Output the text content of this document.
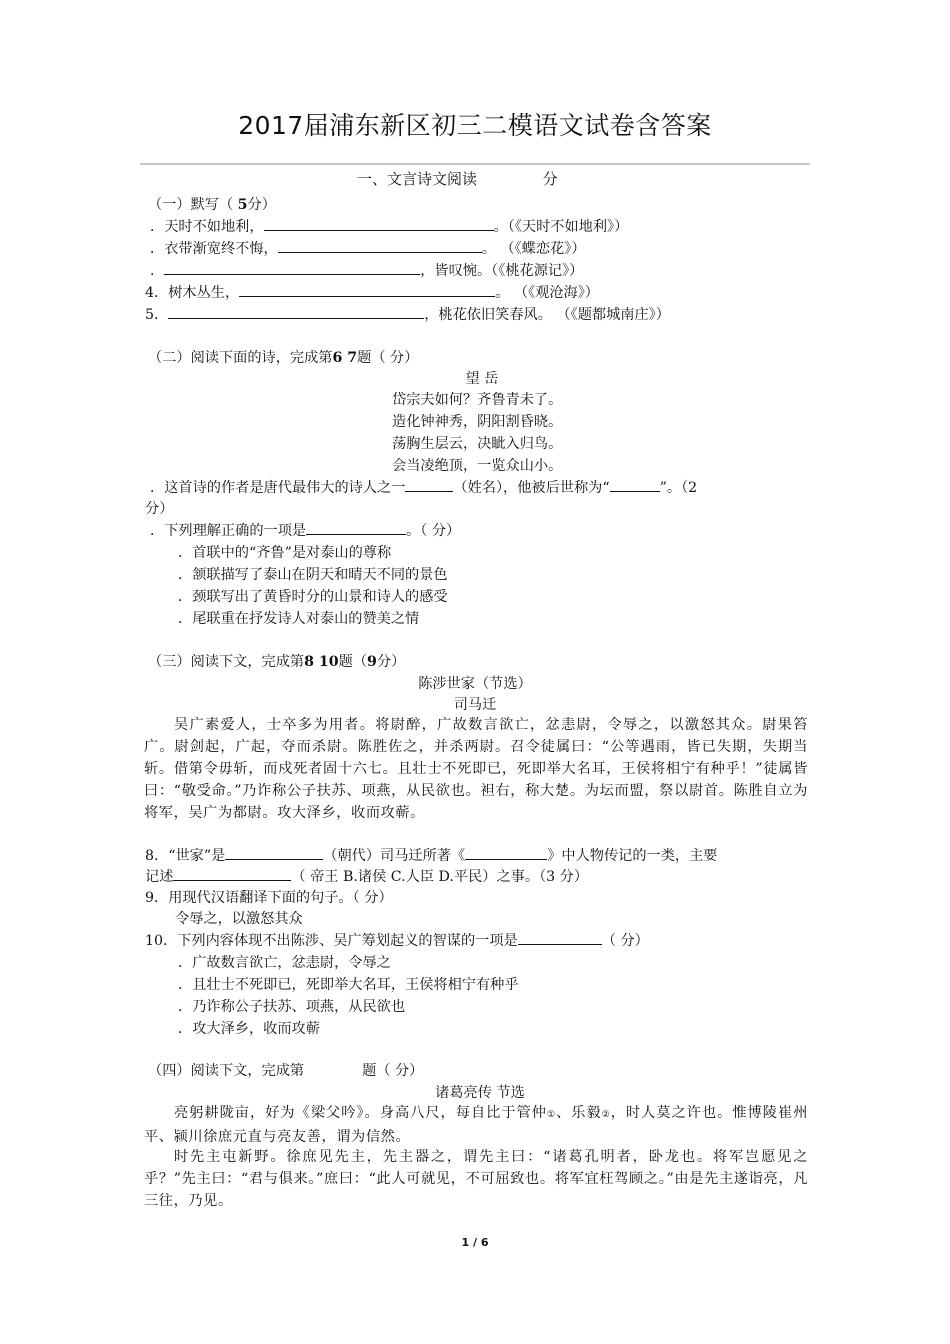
2017届浦东新区初三二模语文试卷含答案
一、文言诗文阅读	分
（一）默写（ 5分）
．天时不如地利，	。（《天时不如地利》）
．衣带渐宽终不悔，	。 （《蝶恋花》）
．	，皆叹惋。（《桃花源记》）
4．树木丛生，	。 （《观沧海》）
5．	，桃花依旧笑春风。 （《题都城南庄》）
（二）阅读下面的诗，完成第6 7题（ 分）
望 岳
岱宗夫如何？齐鲁青未了。
造化钟神秀，阴阳割昏晓。
荡胸生层云，决眦入归鸟。
会当凌绝顶，一览众山小。
．这首诗的作者是唐代最伟大的诗人之一	（姓名），他被后世称为“	”。（2
分）
．下列理解正确的一项是	。（ 分）
．首联中的“齐鲁”是对泰山的尊称
．颔联描写了泰山在阴天和晴天不同的景色
．颈联写出了黄昏时分的山景和诗人的感受
．尾联重在抒发诗人对泰山的赞美之情
（三）阅读下文，完成第8 10题（9分）
陈涉世家（节选）
司马迁
吴广素爱人，士卒多为用者。将尉醉，广故数言欲亡，忿恚尉，令辱之，以激怒其众。尉果笞广。尉剑起，广起，夺而杀尉。陈胜佐之，并杀两尉。召令徒属曰：“公等遇雨，皆已失期，失期当斩。借第令毋斩，而戍死者固十六七。且壮士不死即已，死即举大名耳，王侯将相宁有种乎！”徒属皆曰：“敬受命。”乃诈称公子扶苏、项燕，从民欲也。袒右，称大楚。为坛而盟，祭以尉首。陈胜自立为将军，吴广为都尉。攻大泽乡，收而攻蕲。
8．“世家”是	（朝代）司马迁所著《	》中人物传记的一类，主要
记述	（ 帝王 B.诸侯 C.人臣 D.平民）之事。（3 分）
9．用现代汉语翻译下面的句子。（ 分）
令辱之，以激怒其众
10．下列内容体现不出陈涉、吴广筹划起义的智谋的一项是	（ 分）
．广故数言欲亡，忿恚尉，令辱之
．且壮士不死即已，死即举大名耳，王侯将相宁有种乎
．乃诈称公子扶苏、项燕，从民欲也
．攻大泽乡，收而攻蕲
（四）阅读下文，完成第	题（ 分）
诸葛亮传 节选
亮躬耕陇亩，好为《梁父吟》。身高八尺，每自比于管仲①、乐毅②，时人莫之许也。惟博陵崔州平、颍川徐庶元直与亮友善，谓为信然。
时先主屯新野。徐庶见先主，先主器之，谓先主曰：“诸葛孔明者，卧龙也。将军岂愿见之乎？”先主曰：“君与俱来。”庶曰：“此人可就见，不可屈致也。将军宜枉驾顾之。”由是先主遂诣亮，凡三往，乃见。
1 / 6
